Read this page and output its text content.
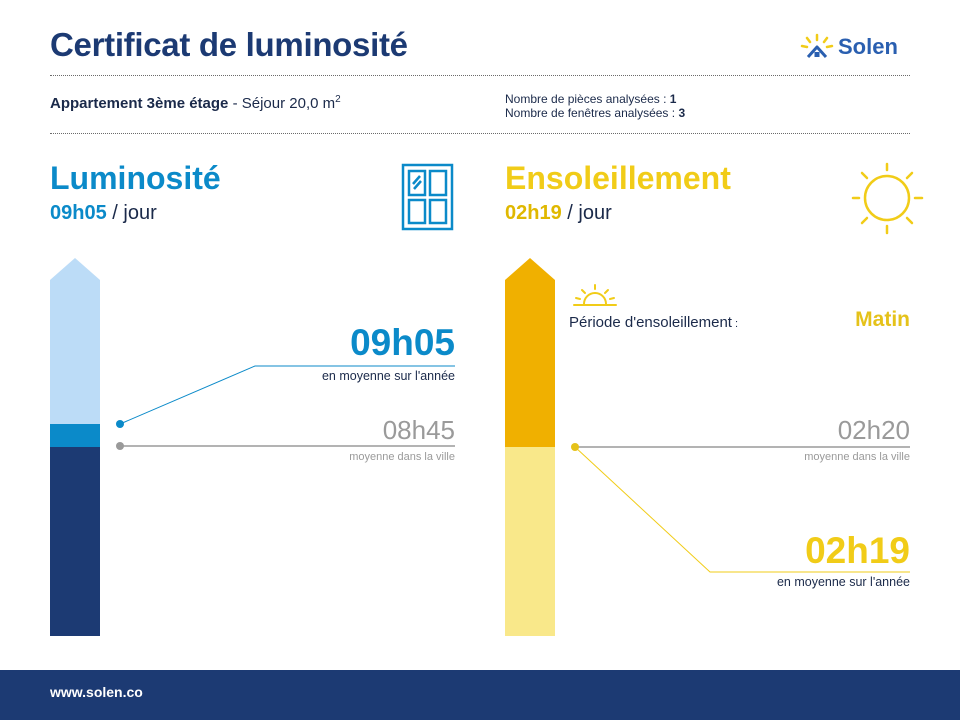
Certificat de luminosité	Solen
Appartement 3ème étage - Séjour 20,0 $m^2$	Nombre de pièces analysées : 1
Nombre de fenêtres analysées : 3
Luminosité
09h05 / jour
09h05
en moyenne sur l'année
08h45
moyenne dans la ville
Ensoleillement
02h19 / jour
Période d'ensoleillement :	Matin
02h20
moyenne dans la ville
02h19
en moyenne sur l'année
www.solen.co
